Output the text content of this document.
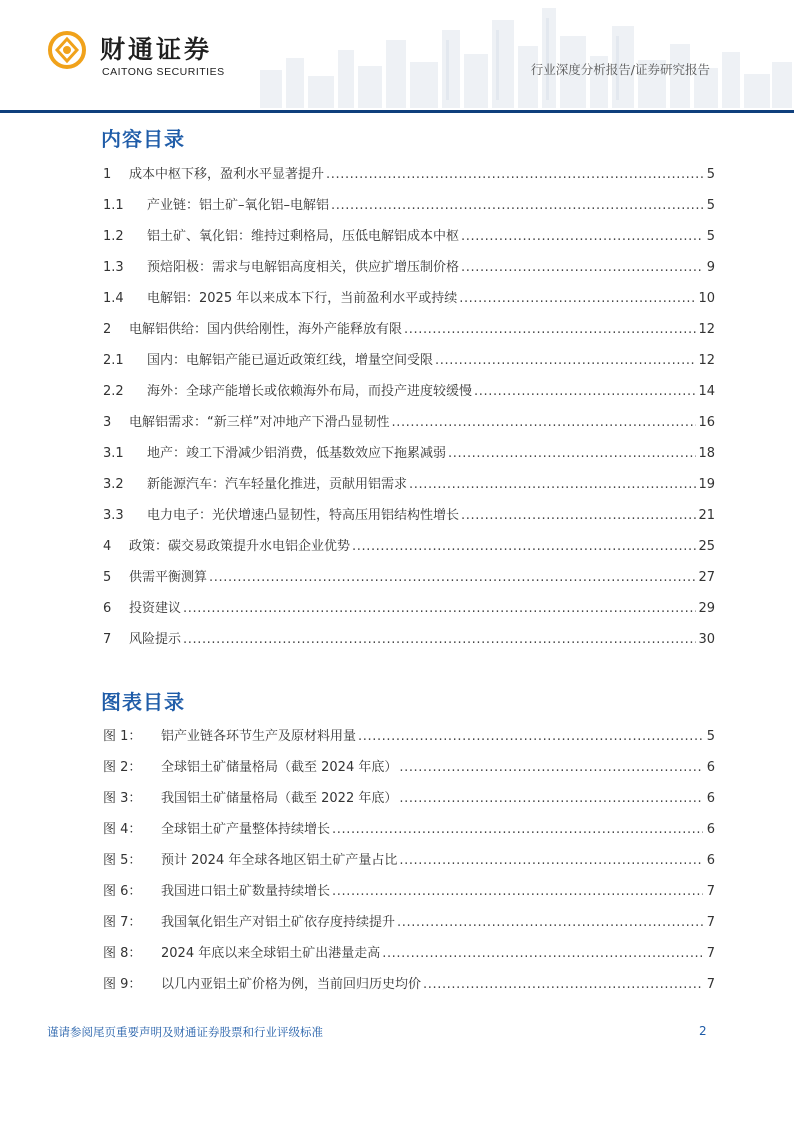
财通证券
CAITONG SECURITIES	行业深度分析报告/证券研究报告
内容目录
1	成本中枢下移，盈利水平显著提升 .....	5
1.1	产业链：铝土矿–氧化铝–电解铝 .....	5
1.2	铝土矿、氧化铝：维持过剩格局，压低电解铝成本中枢 .....	5
1.3	预焙阳极：需求与电解铝高度相关，供应扩增压制价格 .....	9
1.4	电解铝：2025 年以来成本下行，当前盈利水平或持续 .....	10
2	电解铝供给：国内供给刚性，海外产能释放有限 .....	12
2.1	国内：电解铝产能已逼近政策红线，增量空间受限 .....	12
2.2	海外：全球产能增长或依赖海外布局，而投产进度较缓慢 .....	14
3	电解铝需求：“新三样”对冲地产下滑凸显韧性 .....	16
3.1	地产：竣工下滑减少铝消费，低基数效应下拖累减弱 .....	18
3.2	新能源汽车：汽车轻量化推进，贡献用铝需求 .....	19
3.3	电力电子：光伏增速凸显韧性，特高压用铝结构性增长 .....	21
4	政策：碳交易政策提升水电铝企业优势 .....	25
5	供需平衡测算 .....	27
6	投资建议 .....	29
7	风险提示 .....	30
图表目录
图 1：	铝产业链各环节生产及原材料用量 .....	5
图 2：	全球铝土矿储量格局（截至 2024 年底） .....	6
图 3：	我国铝土矿储量格局（截至 2022 年底） .....	6
图 4：	全球铝土矿产量整体持续增长 .....	6
图 5：	预计 2024 年全球各地区铝土矿产量占比 .....	6
图 6：	我国进口铝土矿数量持续增长 .....	7
图 7：	我国氧化铝生产对铝土矿依存度持续提升 .....	7
图 8：	2024 年底以来全球铝土矿出港量走高 .....	7
图 9：	以几内亚铝土矿价格为例，当前回归历史均价 .....	7
谨请参阅尾页重要声明及财通证券股票和行业评级标准	2
